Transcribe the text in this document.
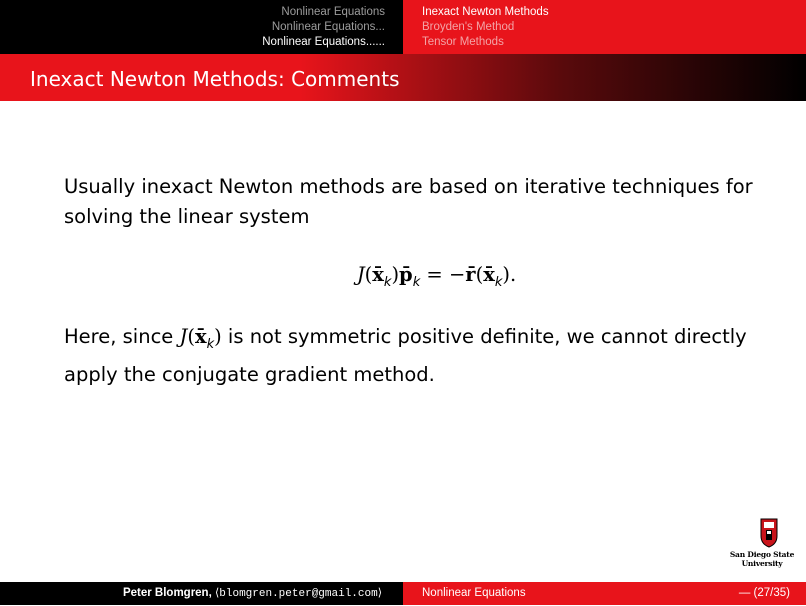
Nonlinear Equations
Nonlinear Equations...
Nonlinear Equations......
Inexact Newton Methods
Broyden's Method
Tensor Methods
Inexact Newton Methods: Comments

Usually inexact Newton methods are based on iterative techniques for solving the linear system

$J(x̄_k)p̄_k$ = $-r̄(x̄_k)$.

Here, since $J(x̄_k)$ is not symmetric positive definite, we cannot directly apply the conjugate gradient method.

San Diego State
University
Peter Blomgren, ⟨blomgren.peter@gmail.com⟩	Nonlinear Equations	— (27/35)
